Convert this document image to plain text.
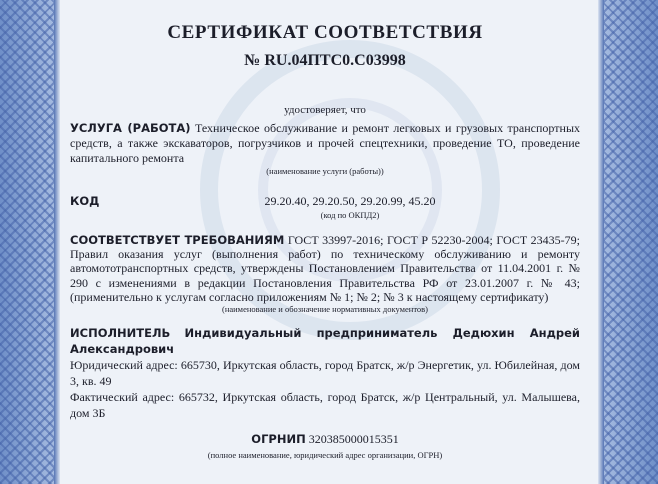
СЕРТИФИКАТ СООТВЕТСТВИЯ
№ RU.04ПТС0.С03998
удостоверяет, что
УСЛУГА (РАБОТА) Техническое обслуживание и ремонт легковых и грузовых транспортных средств, а также экскаваторов, погрузчиков и прочей спецтехники, проведение ТО, проведение капитального ремонта
(наименование услуги (работы))
КОД	29.20.40, 29.20.50, 29.20.99, 45.20
(код по ОКПД2)
СООТВЕТСТВУЕТ ТРЕБОВАНИЯМ ГОСТ 33997-2016; ГОСТ Р 52230-2004; ГОСТ 23435-79; Правил оказания услуг (выполнения работ) по техническому обслуживанию и ремонту автомототранспортных средств, утверждены Постановлением Правительства от 11.04.2001 г. № 290 с изменениями в редакции Постановления Правительства РФ от 23.01.2007 г. № 43; (применительно к услугам согласно приложениям № 1; № 2; № 3 к настоящему сертификату)
(наименование и обозначение нормативных документов)
ИСПОЛНИТЕЛЬ Индивидуальный предприниматель Дедюхин Андрей Александрович
Юридический адрес: 665730, Иркутская область, город Братск, ж/р Энергетик, ул. Юбилейная, дом 3, кв. 49
Фактический адрес: 665732, Иркутская область, город Братск, ж/р Центральный, ул. Малышева, дом 3Б
ОГРНИП 320385000015351
(полное наименование, юридический адрес организации, ОГРН)
